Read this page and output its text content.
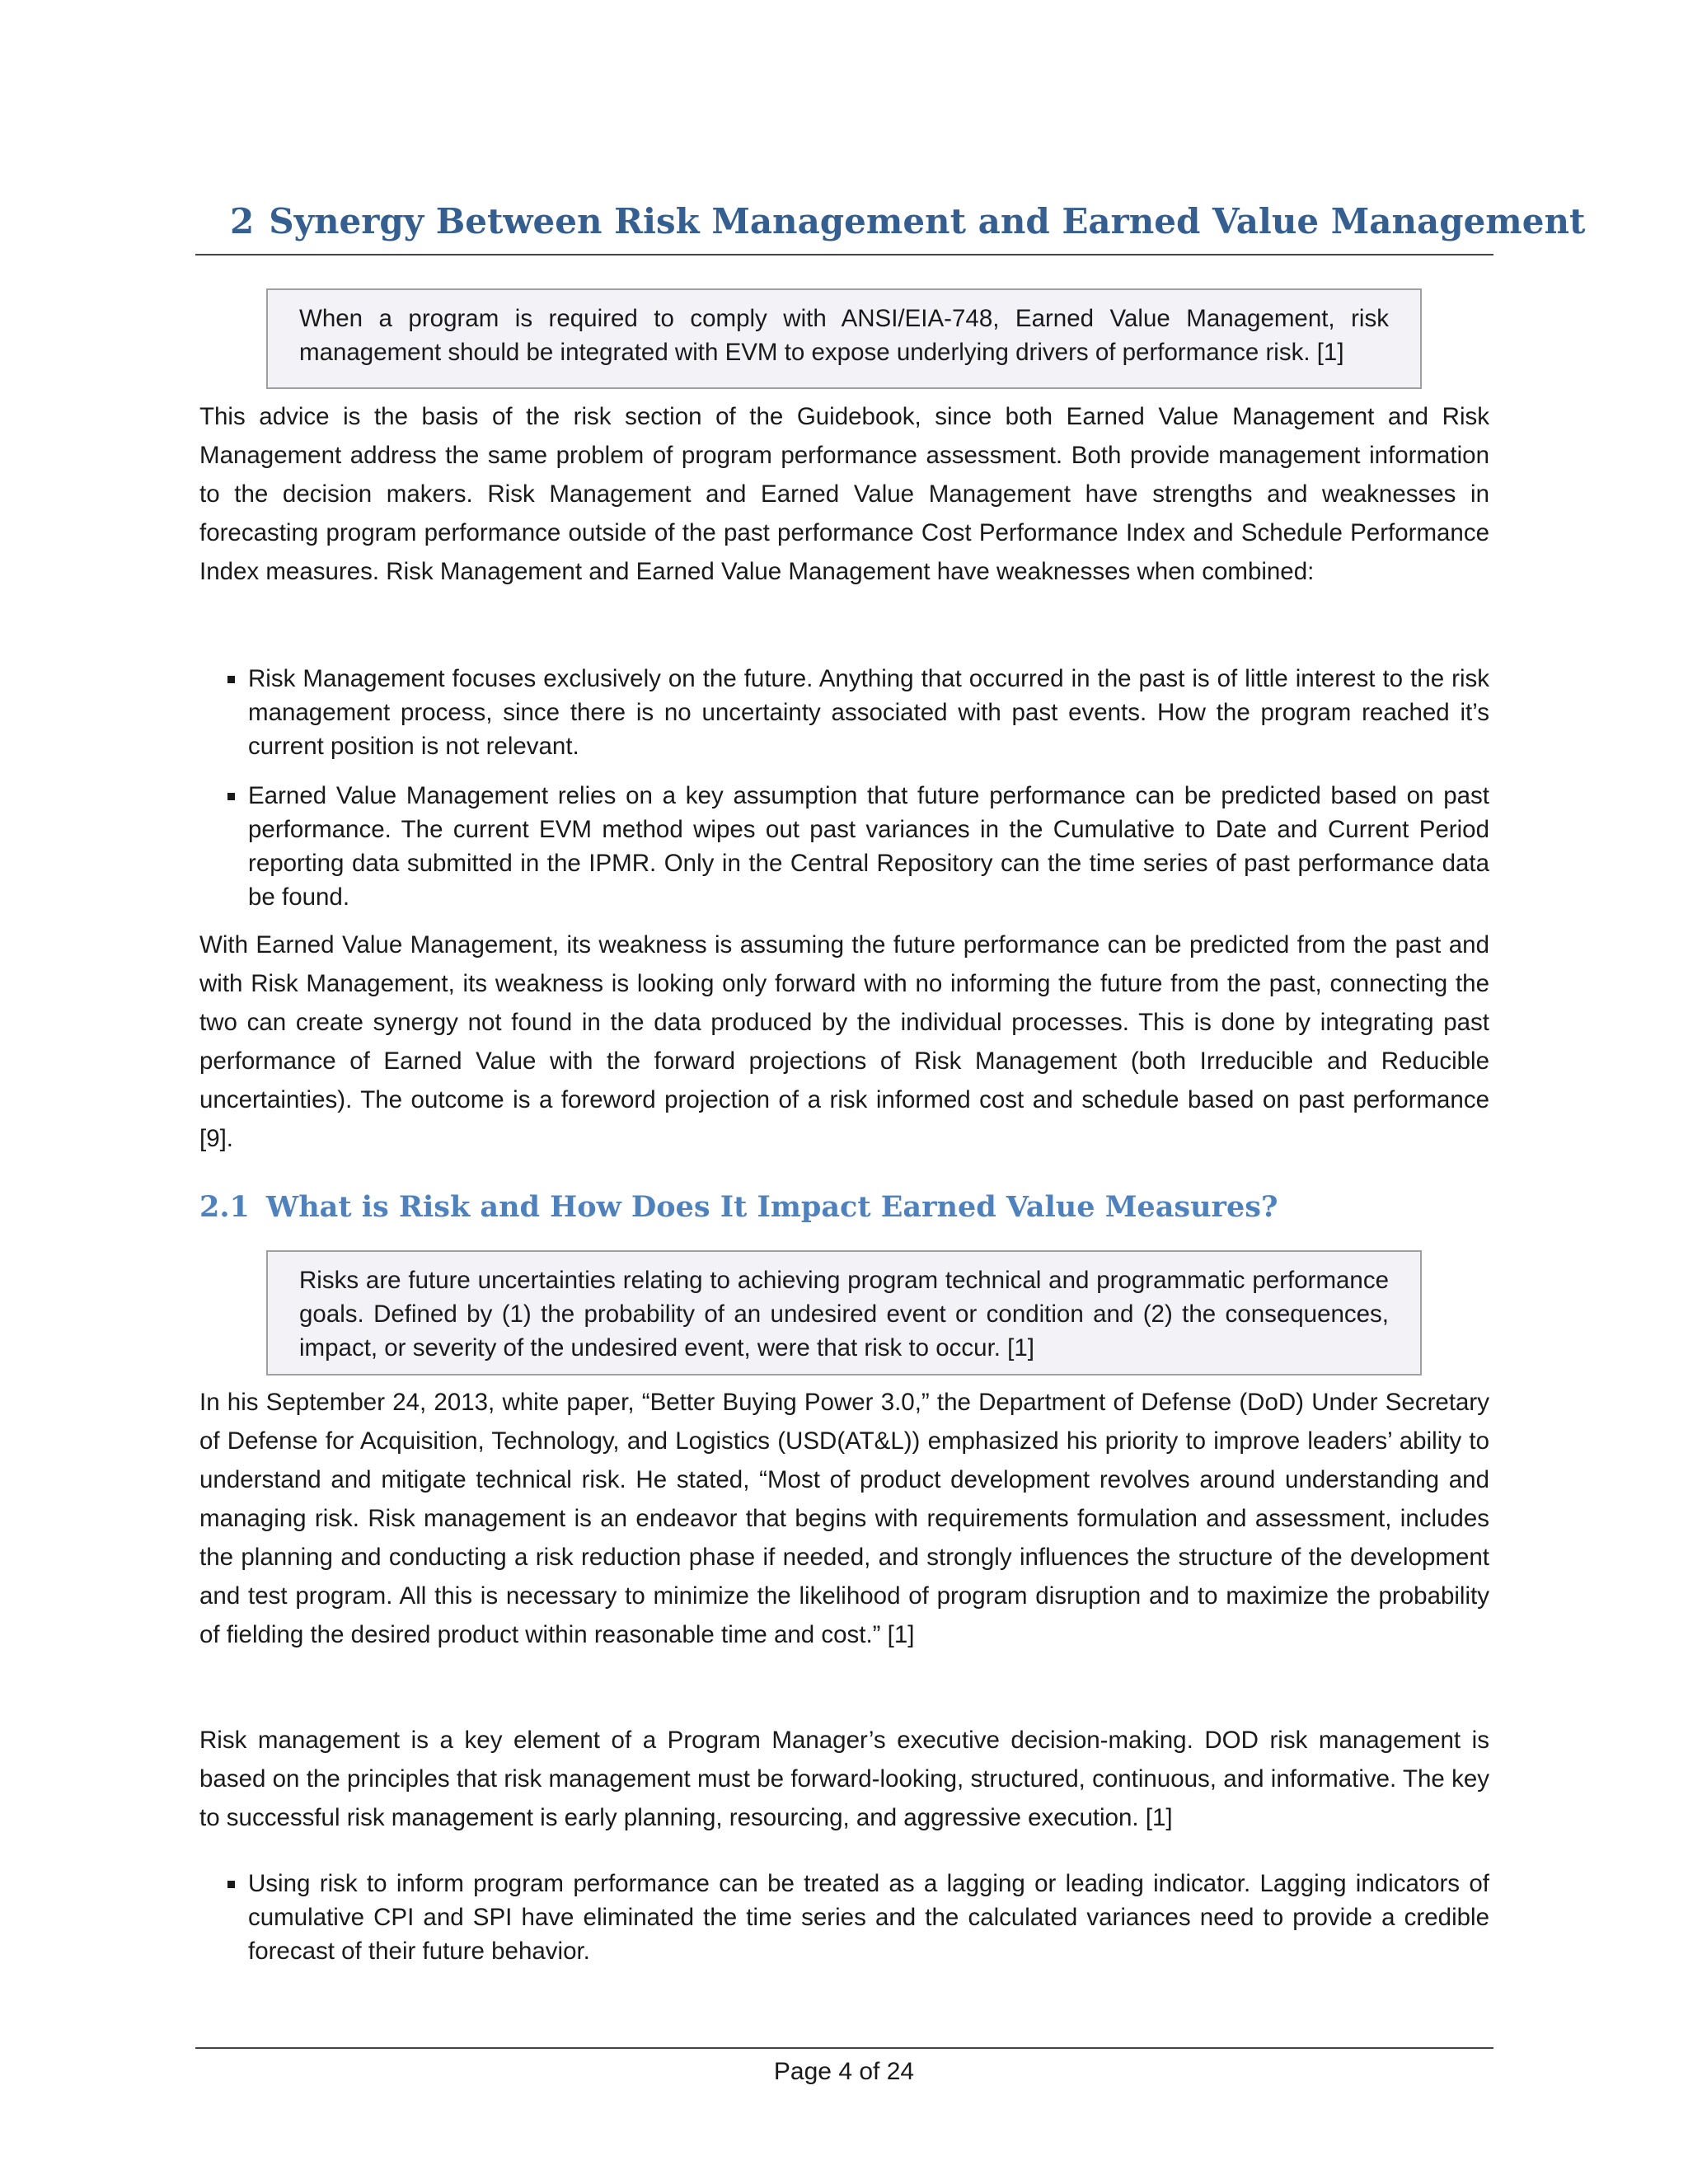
2 Synergy Between Risk Management and Earned Value Management
When a program is required to comply with ANSI/EIA-748, Earned Value Management, risk management should be integrated with EVM to expose underlying drivers of performance risk. [1]
This advice is the basis of the risk section of the Guidebook, since both Earned Value Management and Risk Management address the same problem of program performance assessment. Both provide management information to the decision makers. Risk Management and Earned Value Management have strengths and weaknesses in forecasting program performance outside of the past performance Cost Performance Index and Schedule Performance Index measures. Risk Management and Earned Value Management have weaknesses when combined:
Risk Management focuses exclusively on the future. Anything that occurred in the past is of little interest to the risk management process, since there is no uncertainty associated with past events. How the program reached it’s current position is not relevant.
Earned Value Management relies on a key assumption that future performance can be predicted based on past performance. The current EVM method wipes out past variances in the Cumulative to Date and Current Period reporting data submitted in the IPMR. Only in the Central Repository can the time series of past performance data be found.
With Earned Value Management, its weakness is assuming the future performance can be predicted from the past and with Risk Management, its weakness is looking only forward with no informing the future from the past, connecting the two can create synergy not found in the data produced by the individual processes. This is done by integrating past performance of Earned Value with the forward projections of Risk Management (both Irreducible and Reducible uncertainties). The outcome is a foreword projection of a risk informed cost and schedule based on past performance [9].
2.1 What is Risk and How Does It Impact Earned Value Measures?
Risks are future uncertainties relating to achieving program technical and programmatic performance goals. Defined by (1) the probability of an undesired event or condition and (2) the consequences, impact, or severity of the undesired event, were that risk to occur. [1]
In his September 24, 2013, white paper, “Better Buying Power 3.0,” the Department of Defense (DoD) Under Secretary of Defense for Acquisition, Technology, and Logistics (USD(AT&L)) emphasized his priority to improve leaders’ ability to understand and mitigate technical risk. He stated, “Most of product development revolves around understanding and managing risk. Risk management is an endeavor that begins with requirements formulation and assessment, includes the planning and conducting a risk reduction phase if needed, and strongly influences the structure of the development and test program. All this is necessary to minimize the likelihood of program disruption and to maximize the probability of fielding the desired product within reasonable time and cost.” [1]
Risk management is a key element of a Program Manager’s executive decision-making. DOD risk management is based on the principles that risk management must be forward-looking, structured, continuous, and informative. The key to successful risk management is early planning, resourcing, and aggressive execution. [1]
Using risk to inform program performance can be treated as a lagging or leading indicator. Lagging indicators of cumulative CPI and SPI have eliminated the time series and the calculated variances need to provide a credible forecast of their future behavior.
Page 4 of 24
